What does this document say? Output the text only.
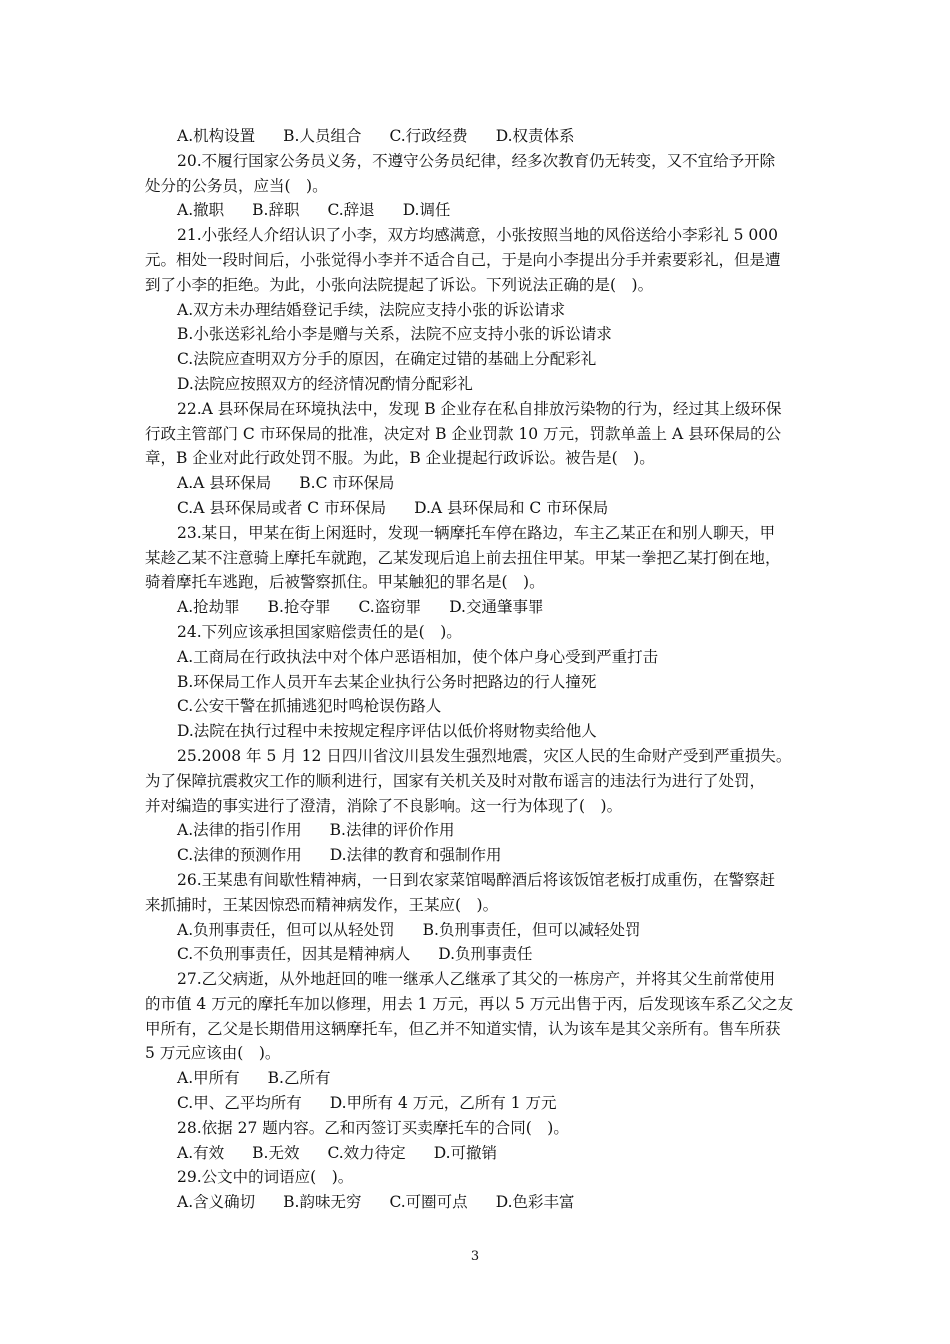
A.机构设置 B.人员组合 C.行政经费 D.权责体系
20.不履行国家公务员义务，不遵守公务员纪律，经多次教育仍无转变，又不宜给予开除
处分的公务员，应当(　)。
A.撤职 B.辞职 C.辞退 D.调任
21.小张经人介绍认识了小李，双方均感满意，小张按照当地的风俗送给小李彩礼 5 000
元。相处一段时间后，小张觉得小李并不适合自己，于是向小李提出分手并索要彩礼，但是遭
到了小李的拒绝。为此，小张向法院提起了诉讼。下列说法正确的是(　)。
A.双方未办理结婚登记手续，法院应支持小张的诉讼请求
B.小张送彩礼给小李是赠与关系，法院不应支持小张的诉讼请求
C.法院应查明双方分手的原因，在确定过错的基础上分配彩礼
D.法院应按照双方的经济情况酌情分配彩礼
22.A 县环保局在环境执法中，发现 B 企业存在私自排放污染物的行为，经过其上级环保
行政主管部门 C 市环保局的批准，决定对 B 企业罚款 10 万元，罚款单盖上 A 县环保局的公
章，B 企业对此行政处罚不服。为此，B 企业提起行政诉讼。被告是(　)。
A.A 县环保局 B.C 市环保局
C.A 县环保局或者 C 市环保局 D.A 县环保局和 C 市环保局
23.某日，甲某在街上闲逛时，发现一辆摩托车停在路边，车主乙某正在和别人聊天，甲
某趁乙某不注意骑上摩托车就跑，乙某发现后追上前去扭住甲某。甲某一拳把乙某打倒在地，
骑着摩托车逃跑，后被警察抓住。甲某触犯的罪名是(　)。
A.抢劫罪 B.抢夺罪 C.盗窃罪 D.交通肇事罪
24.下列应该承担国家赔偿责任的是(　)。
A.工商局在行政执法中对个体户恶语相加，使个体户身心受到严重打击
B.环保局工作人员开车去某企业执行公务时把路边的行人撞死
C.公安干警在抓捕逃犯时鸣枪误伤路人
D.法院在执行过程中未按规定程序评估以低价将财物卖给他人
25.2008 年 5 月 12 日四川省汶川县发生强烈地震，灾区人民的生命财产受到严重损失。
为了保障抗震救灾工作的顺利进行，国家有关机关及时对散布谣言的违法行为进行了处罚，
并对编造的事实进行了澄清，消除了不良影响。这一行为体现了(　)。
A.法律的指引作用 B.法律的评价作用
C.法律的预测作用 D.法律的教育和强制作用
26.王某患有间歇性精神病，一日到农家菜馆喝醉酒后将该饭馆老板打成重伤，在警察赶
来抓捕时，王某因惊恐而精神病发作，王某应(　)。
A.负刑事责任，但可以从轻处罚 B.负刑事责任，但可以减轻处罚
C.不负刑事责任，因其是精神病人 D.负刑事责任
27.乙父病逝，从外地赶回的唯一继承人乙继承了其父的一栋房产，并将其父生前常使用
的市值 4 万元的摩托车加以修理，用去 1 万元，再以 5 万元出售于丙，后发现该车系乙父之友
甲所有，乙父是长期借用这辆摩托车，但乙并不知道实情，认为该车是其父亲所有。售车所获
5 万元应该由(　)。
A.甲所有 B.乙所有
C.甲、乙平均所有 D.甲所有 4 万元，乙所有 1 万元
28.依据 27 题内容。乙和丙签订买卖摩托车的合同(　)。
A.有效 B.无效 C.效力待定 D.可撤销
29.公文中的词语应(　)。
A.含义确切 B.韵味无穷 C.可圈可点 D.色彩丰富
3
